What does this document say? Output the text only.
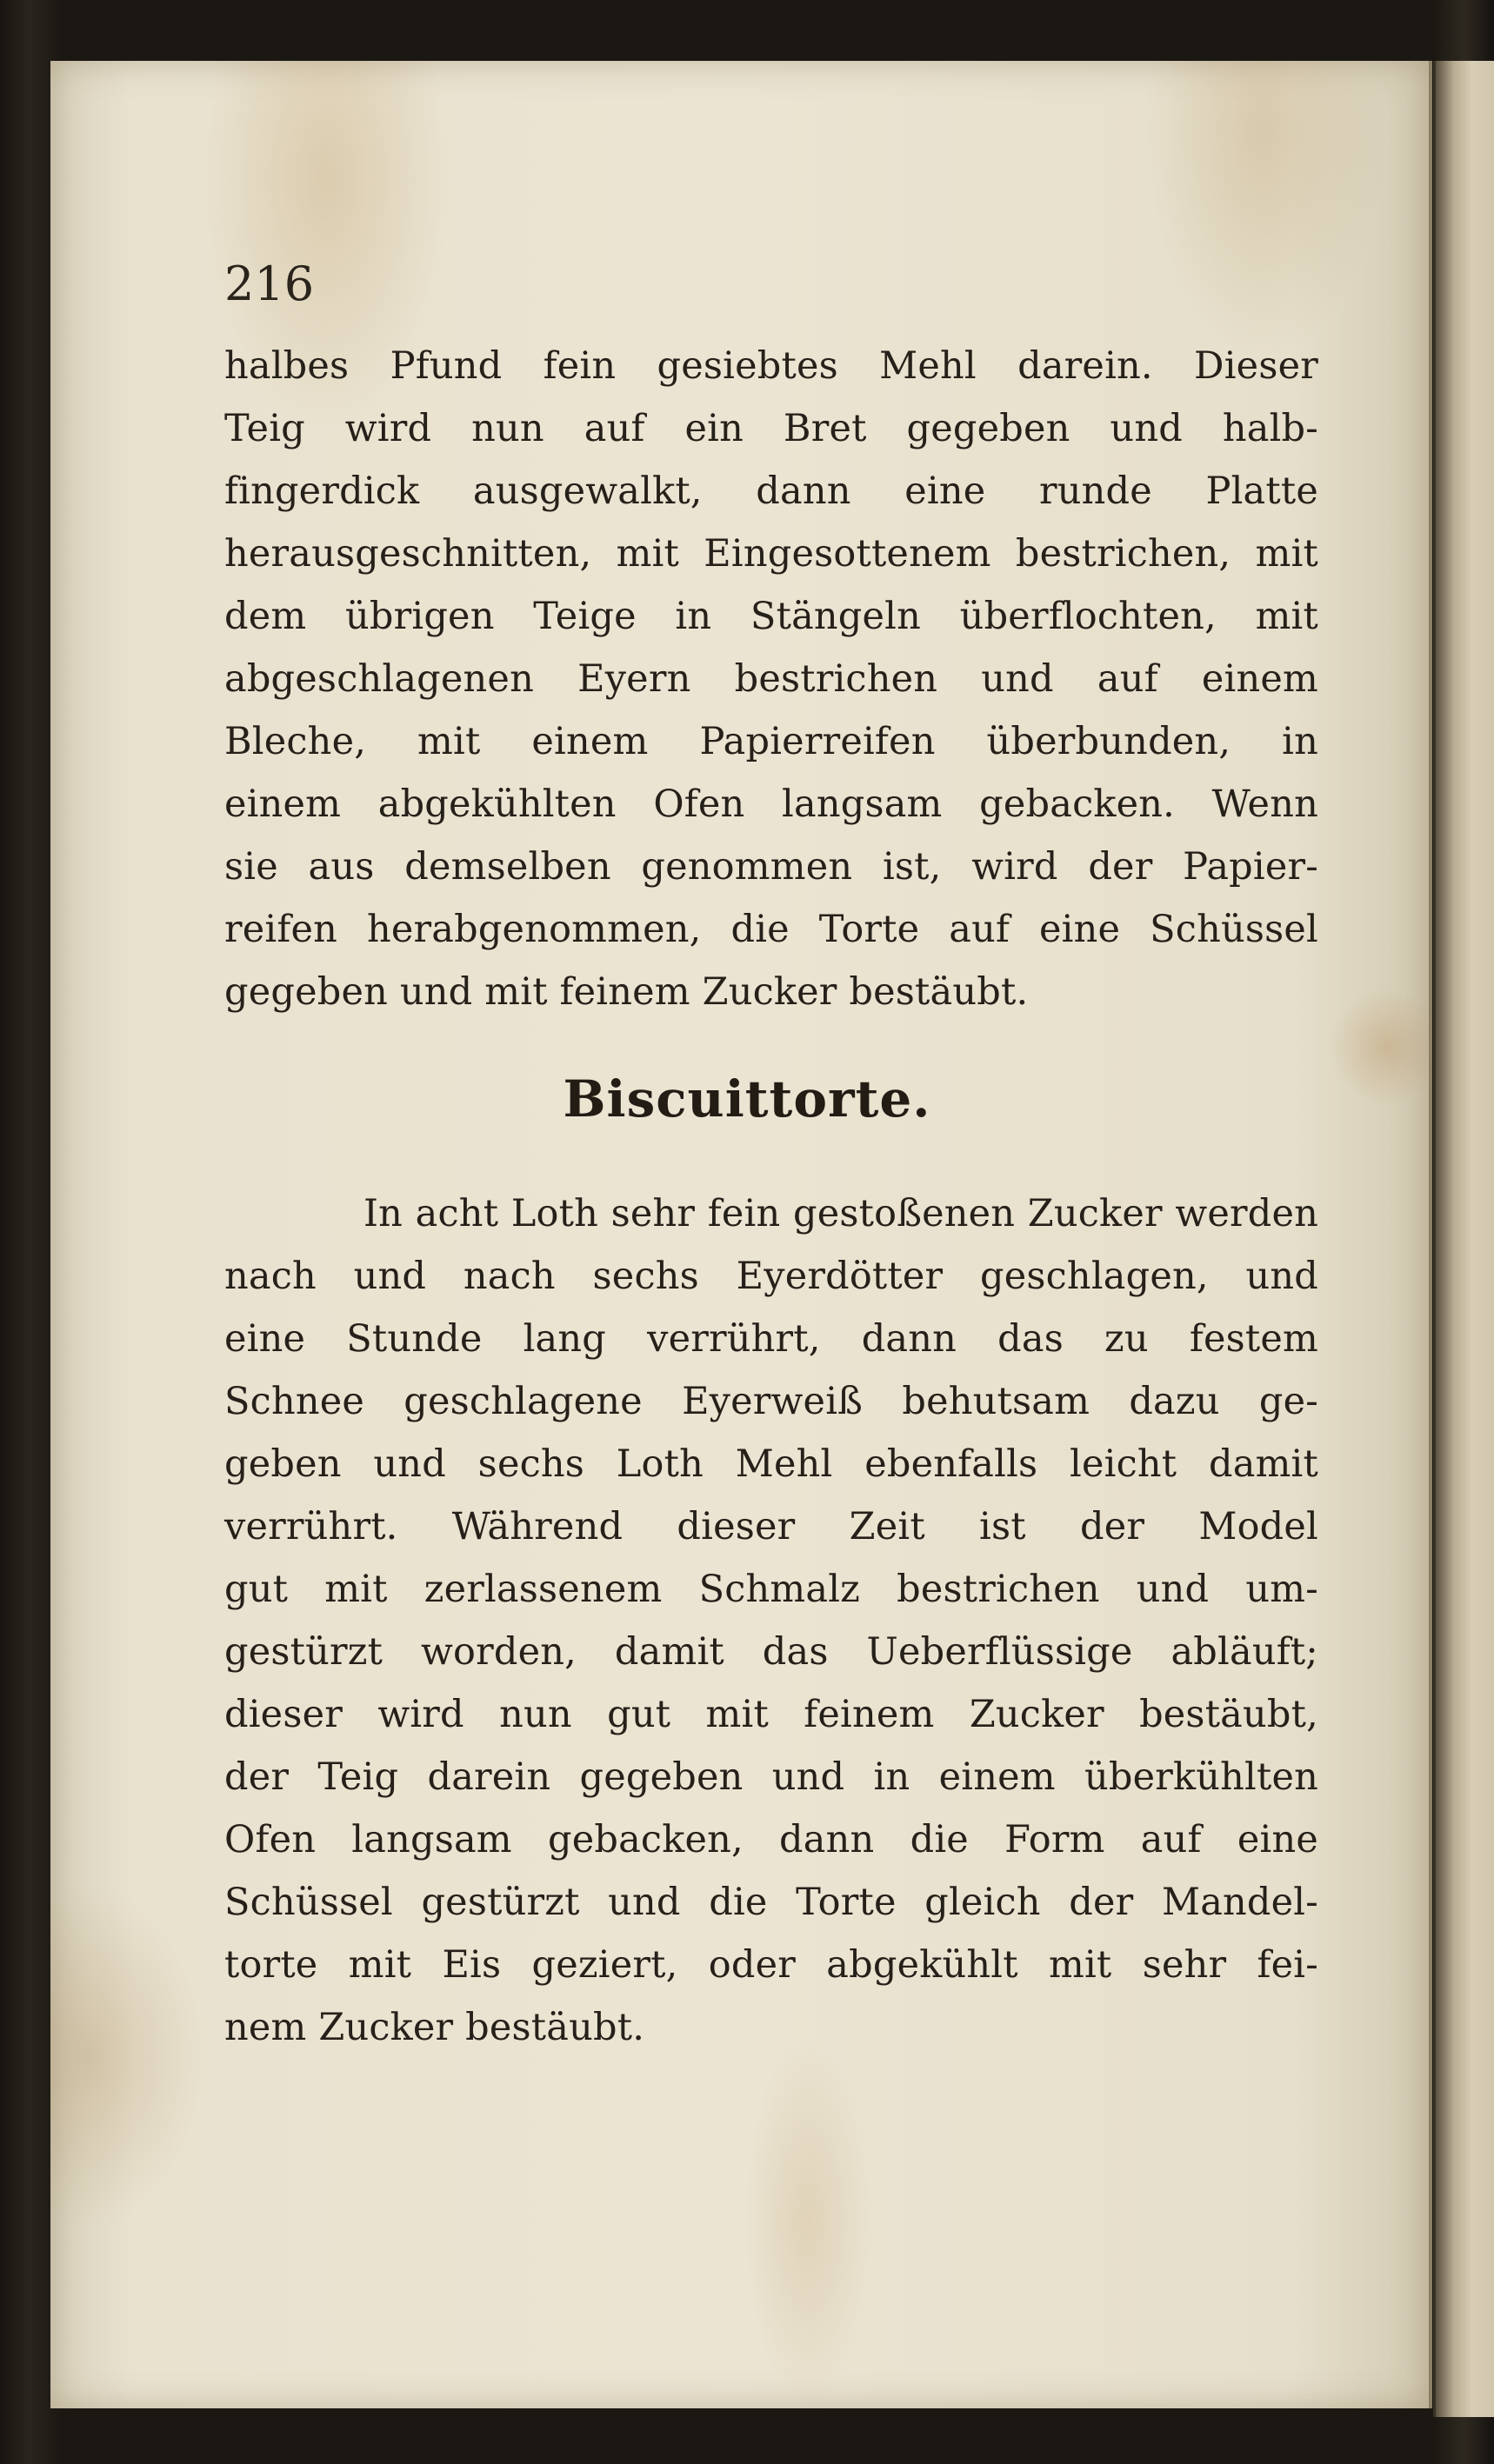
216

halbes Pfund fein gesiebtes Mehl darein. Dieser

Teig wird nun auf ein Bret gegeben und halb-

fingerdick ausgewalkt, dann eine runde Platte

herausgeschnitten, mit Eingesottenem bestrichen, mit

dem übrigen Teige in Stängeln überflochten, mit

abgeschlagenen Eyern bestrichen und auf einem

Bleche, mit einem Papierreifen überbunden, in

einem abgekühlten Ofen langsam gebacken. Wenn

sie aus demselben genommen ist, wird der Papier-

reifen herabgenommen, die Torte auf eine Schüssel

gegeben und mit feinem Zucker bestäubt.

Biscuittorte.

In acht Loth sehr fein gestoßenen Zucker werden

nach und nach sechs Eyerdötter geschlagen, und

eine Stunde lang verrührt, dann das zu festem

Schnee geschlagene Eyerweiß behutsam dazu ge-

geben und sechs Loth Mehl ebenfalls leicht damit

verrührt. Während dieser Zeit ist der Model

gut mit zerlassenem Schmalz bestrichen und um-

gestürzt worden, damit das Ueberflüssige abläuft;

dieser wird nun gut mit feinem Zucker bestäubt,

der Teig darein gegeben und in einem überkühlten

Ofen langsam gebacken, dann die Form auf eine

Schüssel gestürzt und die Torte gleich der Mandel-

torte mit Eis geziert, oder abgekühlt mit sehr fei-

nem Zucker bestäubt.
